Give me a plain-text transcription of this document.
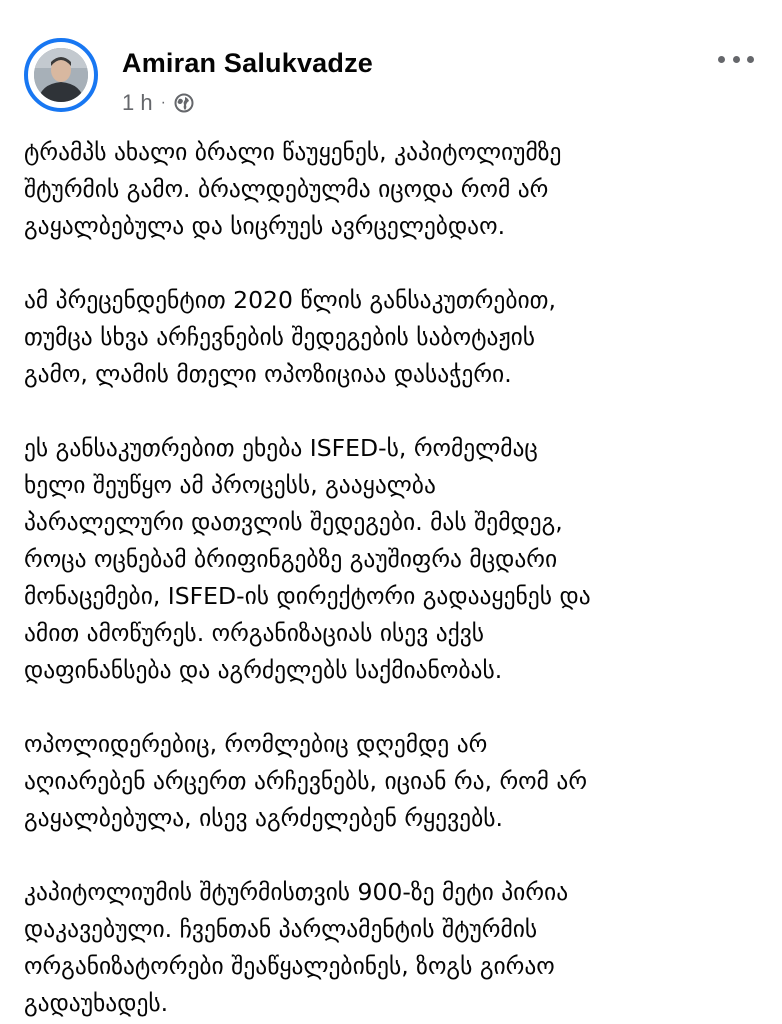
Amiran Salukvadze
1 h ·

ტრამპს ახალი ბრალი წაუყენეს, კაპიტოლიუმზე
შტურმის გამო. ბრალდებულმა იცოდა რომ არ
გაყალბებულა და სიცრუეს ავრცელებდაო.

ამ პრეცენდენტით 2020 წლის განსაკუთრებით,
თუმცა სხვა არჩევნების შედეგების საბოტაჟის
გამო, ლამის მთელი ოპოზიციაა დასაჭერი.

ეს განსაკუთრებით ეხება ISFED-ს, რომელმაც
ხელი შეუწყო ამ პროცესს, გააყალბა
პარალელური დათვლის შედეგები. მას შემდეგ,
როცა ოცნებამ ბრიფინგებზე გაუშიფრა მცდარი
მონაცემები, ISFED-ის დირექტორი გადააყენეს და
ამით ამოწურეს. ორგანიზაციას ისევ აქვს
დაფინანსება და აგრძელებს საქმიანობას.

ოპოლიდერებიც, რომლებიც დღემდე არ
აღიარებენ არცერთ არჩევნებს, იციან რა, რომ არ
გაყალბებულა, ისევ აგრძელებენ რყევებს.

კაპიტოლიუმის შტურმისთვის 900-ზე მეტი პირია
დაკავებული. ჩვენთან პარლამენტის შტურმის
ორგანიზატორები შეაწყალებინეს, ზოგს გირაო
გადაუხადეს.
